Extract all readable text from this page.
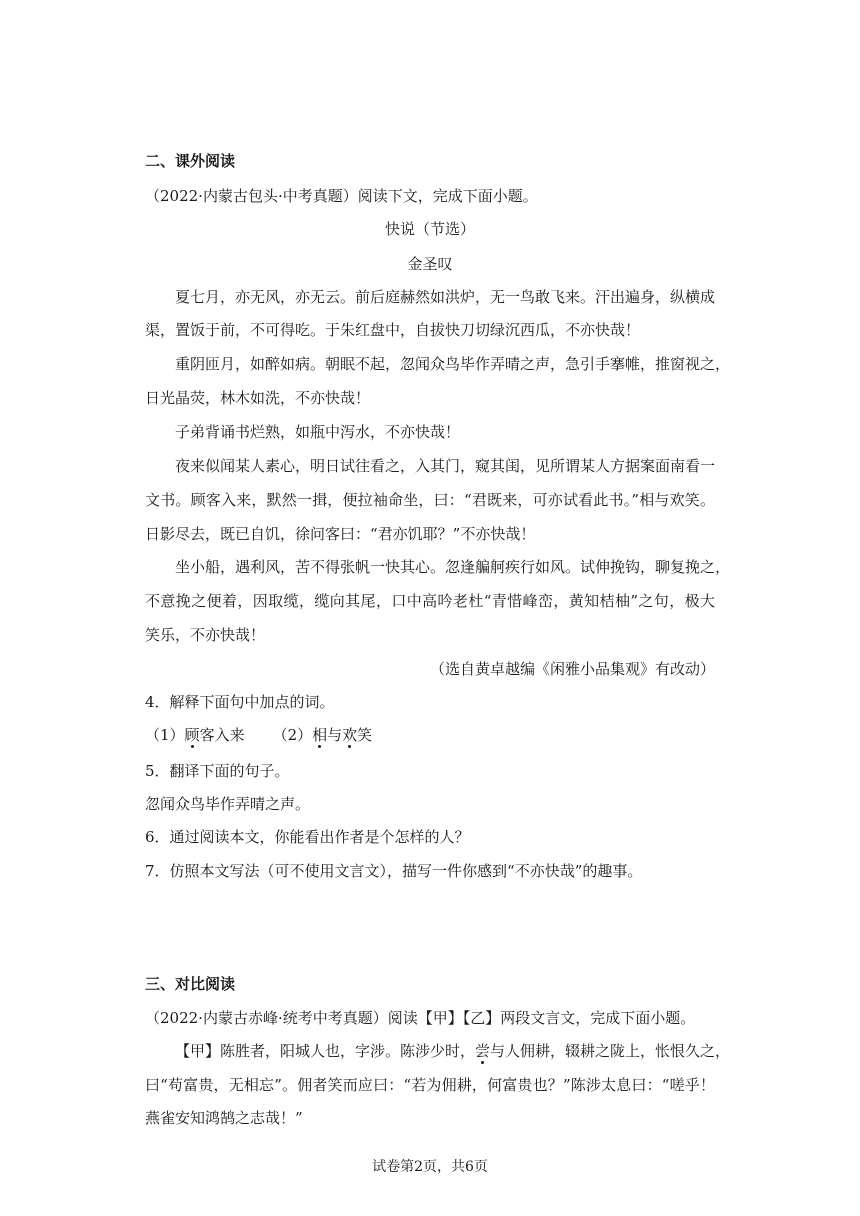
二、课外阅读
（2022·内蒙古包头·中考真题）阅读下文，完成下面小题。
快说（节选）
金圣叹
夏七月，亦无风，亦无云。前后庭赫然如洪炉，无一鸟敢飞来。汗出遍身，纵横成
渠，置饭于前，不可得吃。于朱红盘中，自拔快刀切绿沉西瓜，不亦快哉！
重阴匝月，如醉如病。朝眠不起，忽闻众鸟毕作弄晴之声，急引手搴帷，推窗视之，
日光晶荧，林木如洗，不亦快哉！
子弟背诵书烂熟，如瓶中泻水，不亦快哉！
夜来似闻某人素心，明日试往看之，入其门，窥其闺，见所谓某人方据案面南看一
文书。顾客入来，默然一揖，便拉袖命坐，曰：“君既来，可亦试看此书。”相与欢笑。
日影尽去，既已自饥，徐问客曰：“君亦饥耶？”不亦快哉！
坐小船，遇利风，苦不得张帆一快其心。忽逢艑舸疾行如风。试伸挽钩，聊复挽之，
不意挽之便着，因取缆，缆向其尾，口中高吟老杜“青惜峰峦，黄知桔柚”之句，极大
笑乐，不亦快哉！
（选自黄卓越编《闲雅小品集观》有改动）
4．解释下面句中加点的词。
（1）顾客入来 （2）相与欢笑
5．翻译下面的句子。
忽闻众鸟毕作弄晴之声。
6．通过阅读本文，你能看出作者是个怎样的人？
7．仿照本文写法（可不使用文言文），描写一件你感到“不亦快哉”的趣事。
三、对比阅读
（2022·内蒙古赤峰·统考中考真题）阅读【甲】【乙】两段文言文，完成下面小题。
【甲】陈胜者，阳城人也，字涉。陈涉少时，尝与人佣耕，辍耕之陇上，怅恨久之，
曰“苟富贵，无相忘”。佣者笑而应曰：“若为佣耕，何富贵也？”陈涉太息曰：“嗟乎！
燕雀安知鸿鹄之志哉！”
试卷第2页，共6页
